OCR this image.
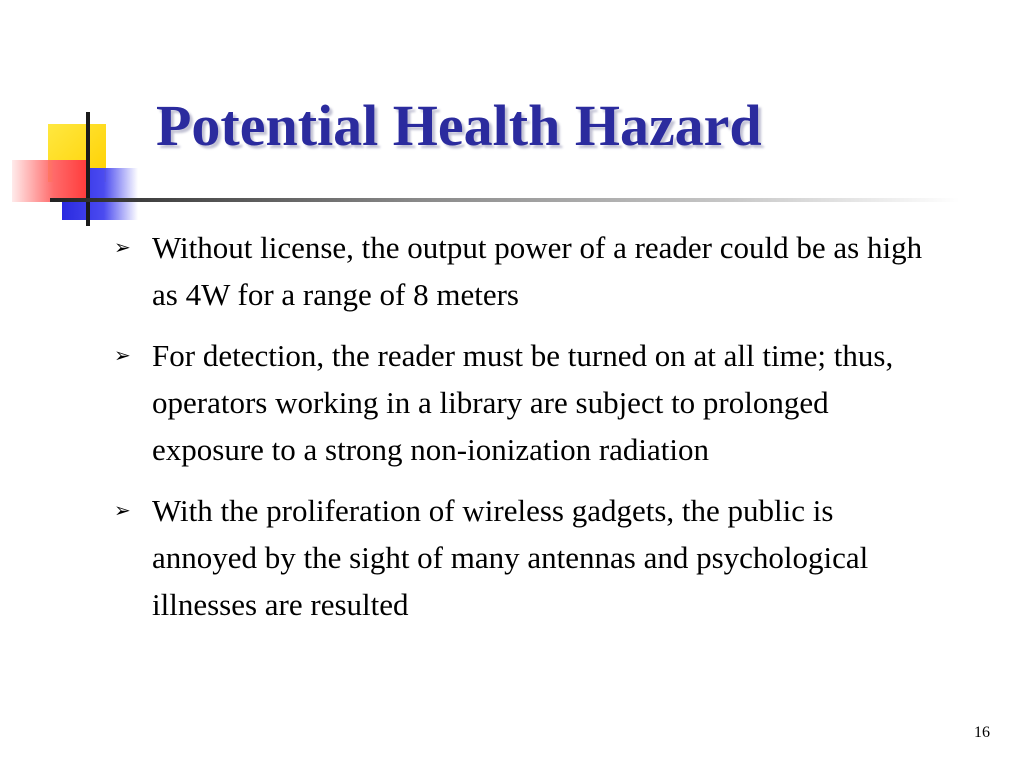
Potential Health Hazard
➢ Without license, the output power of a reader could be as high as 4W for a range of 8 meters
➢ For detection, the reader must be turned on at all time; thus, operators working in a library are subject to prolonged exposure to a strong non-ionization radiation
➢ With the proliferation of wireless gadgets, the public is annoyed by the sight of many antennas and psychological illnesses are resulted
16
